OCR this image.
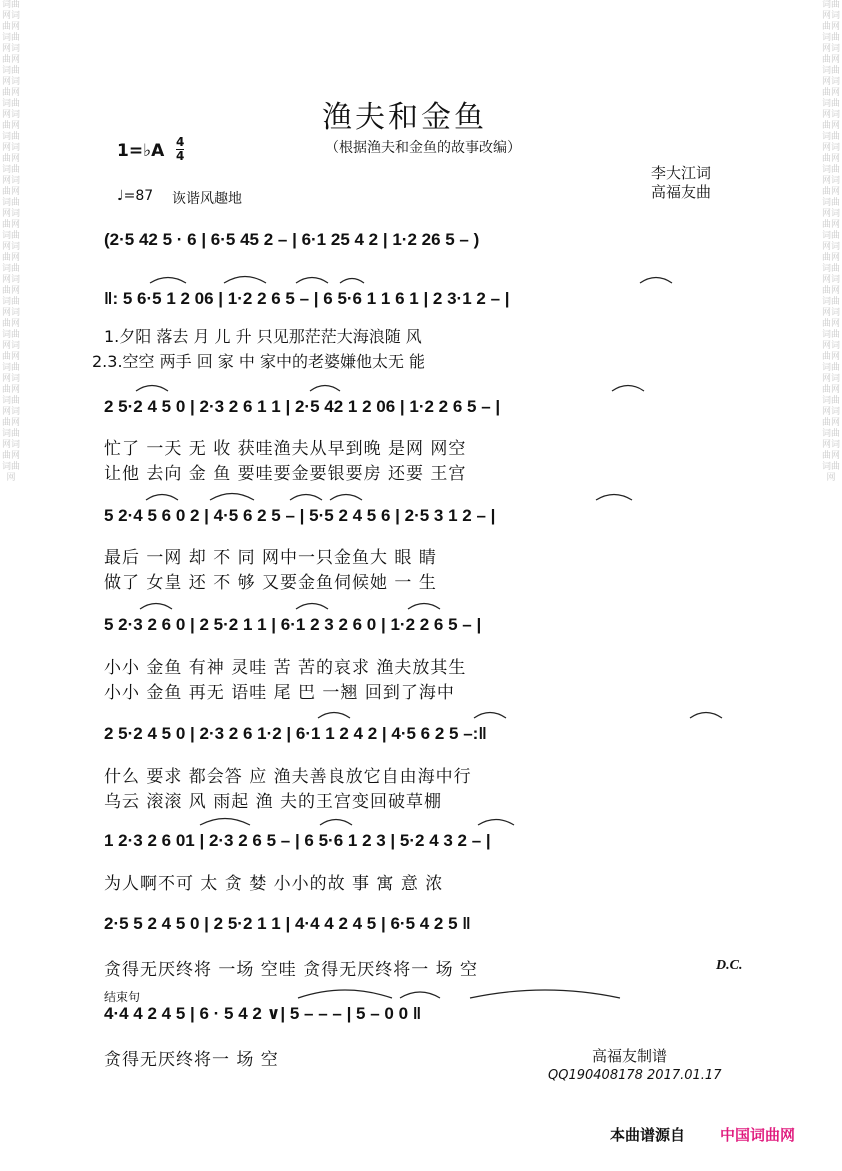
词曲网词曲网词曲网词曲网词曲网词曲网词曲网词曲网词曲网词曲网词曲网词曲网词曲网词曲网词曲网词曲网词曲网词曲网词曲网词曲网词曲网词曲网词曲网词曲网词曲网词曲网词曲网词曲网词曲网
词曲网词曲网词曲网词曲网词曲网词曲网词曲网词曲网词曲网词曲网词曲网词曲网词曲网词曲网词曲网词曲网词曲网词曲网词曲网词曲网词曲网词曲网词曲网词曲网词曲网词曲网词曲网词曲网词曲网
渔夫和金鱼
（根据渔夫和金鱼的故事改编）
1=♭A 4
4
♩=87 诙谐风趣地
李大江词
高福友曲
(2·5 42 5 · 6 | 6·5 45 2 – | 6·1 25 4 2 | 1·2 26 5 – )
‖: 5 6·5 1 2 06 | 1·2 2 6 5 – | 6 5·6 1 1 6 1 | 2 3·1 2 – |
1.夕阳 落去 月 儿 升 只见那茫茫大海浪随 风
2.3.空空 两手 回 家 中 家中的老婆嫌他太无 能
2 5·2 4 5 0 | 2·3 2 6 1 1 | 2·5 42 1 2 06 | 1·2 2 6 5 – |
忙了 一天 无 收 获哇渔夫从早到晚 是网 网空
让他 去向 金 鱼 要哇要金要银要房 还要 王宫
5 2·4 5 6 0 2 | 4·5 6 2 5 – | 5·5 2 4 5 6 | 2·5 3 1 2 – |
最后 一网 却 不 同 网中一只金鱼大 眼 睛
做了 女皇 还 不 够 又要金鱼伺候她 一 生
5 2·3 2 6 0 | 2 5·2 1 1 | 6·1 2 3 2 6 0 | 1·2 2 6 5 – |
小小 金鱼 有神 灵哇 苦 苦的哀求 渔夫放其生
小小 金鱼 再无 语哇 尾 巴 一翘 回到了海中
2 5·2 4 5 0 | 2·3 2 6 1·2 | 6·1 1 2 4 2 | 4·5 6 2 5 –:‖
什么 要求 都会答 应 渔夫善良放它自由海中行
乌云 滚滚 风 雨起 渔 夫的王宫变回破草棚
1 2·3 2 6 01 | 2·3 2 6 5 – | 6 5·6 1 2 3 | 5·2 4 3 2 – |
为人啊不可 太 贪 婪 小小的故 事 寓 意 浓
2·5 5 2 4 5 0 | 2 5·2 1 1 | 4·4 4 2 4 5 | 6·5 4 2 5 ‖
贪得无厌终将 一场 空哇 贪得无厌终将一 场 空	D.C.
结束句
4·4 4 2 4 5 | 6 · 5 4 2 ∨| 5 – – – | 5 – 0 0 ‖
贪得无厌终将一 场 空	高福友制谱
QQ190408178 2017.01.17
本曲谱源自 中国词曲网
